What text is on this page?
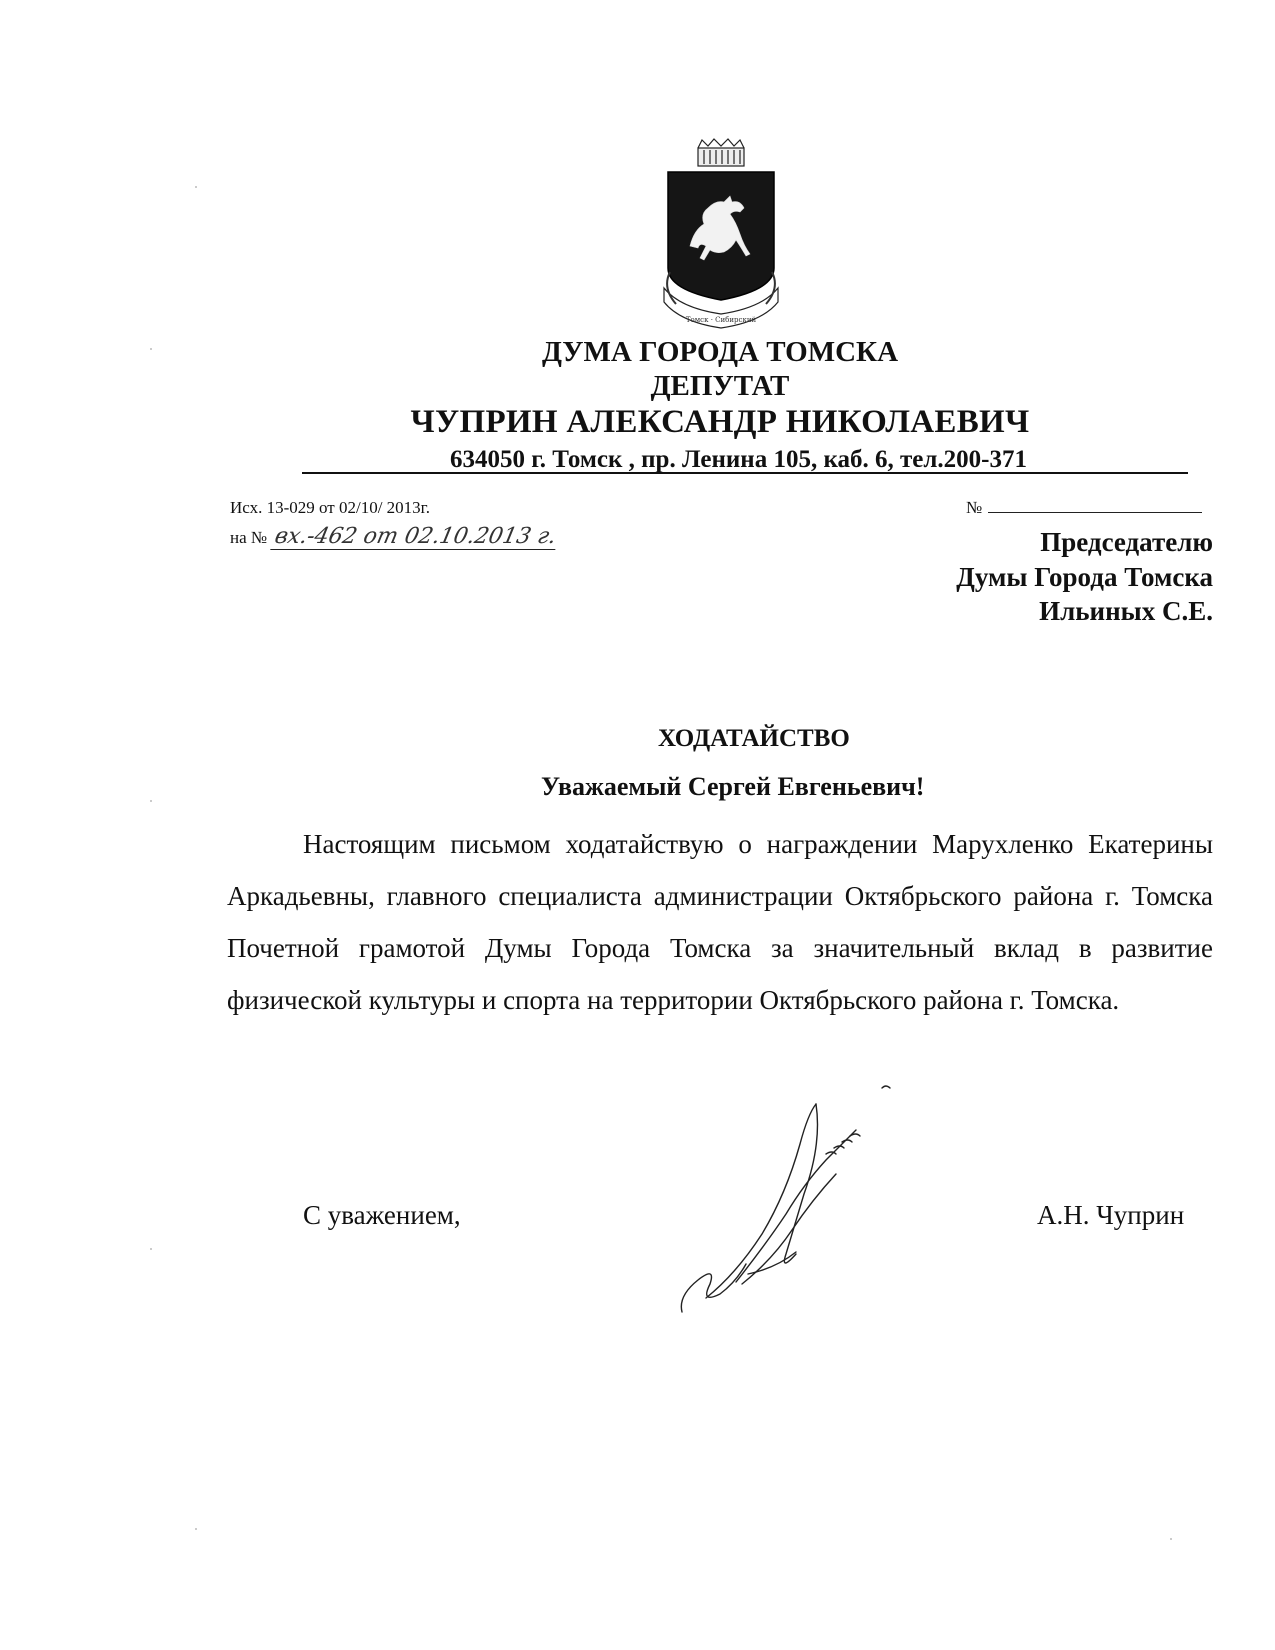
Томск · Сибирский
ДУМА ГОРОДА ТОМСКА
ДЕПУТАТ
ЧУПРИН АЛЕКСАНДР НИКОЛАЕВИЧ
634050 г. Томск , пр. Ленина 105, каб. 6, тел.200-371
Исх. 13-029 от 02/10/ 2013г.
на № вх.-462 от 02.10.2013 г.
№
Председателю
Думы Города Томска
Ильиных С.Е.
ХОДАТАЙСТВО
Уважаемый Сергей Евгеньевич!
Настоящим письмом ходатайствую о награждении Марухленко Екатерины Аркадьевны, главного специалиста администрации Октябрьского района г. Томска Почетной грамотой Думы Города Томска за значительный вклад в развитие физической культуры и спорта на территории Октябрьского района г. Томска.
С уважением,	А.Н. Чуприн
